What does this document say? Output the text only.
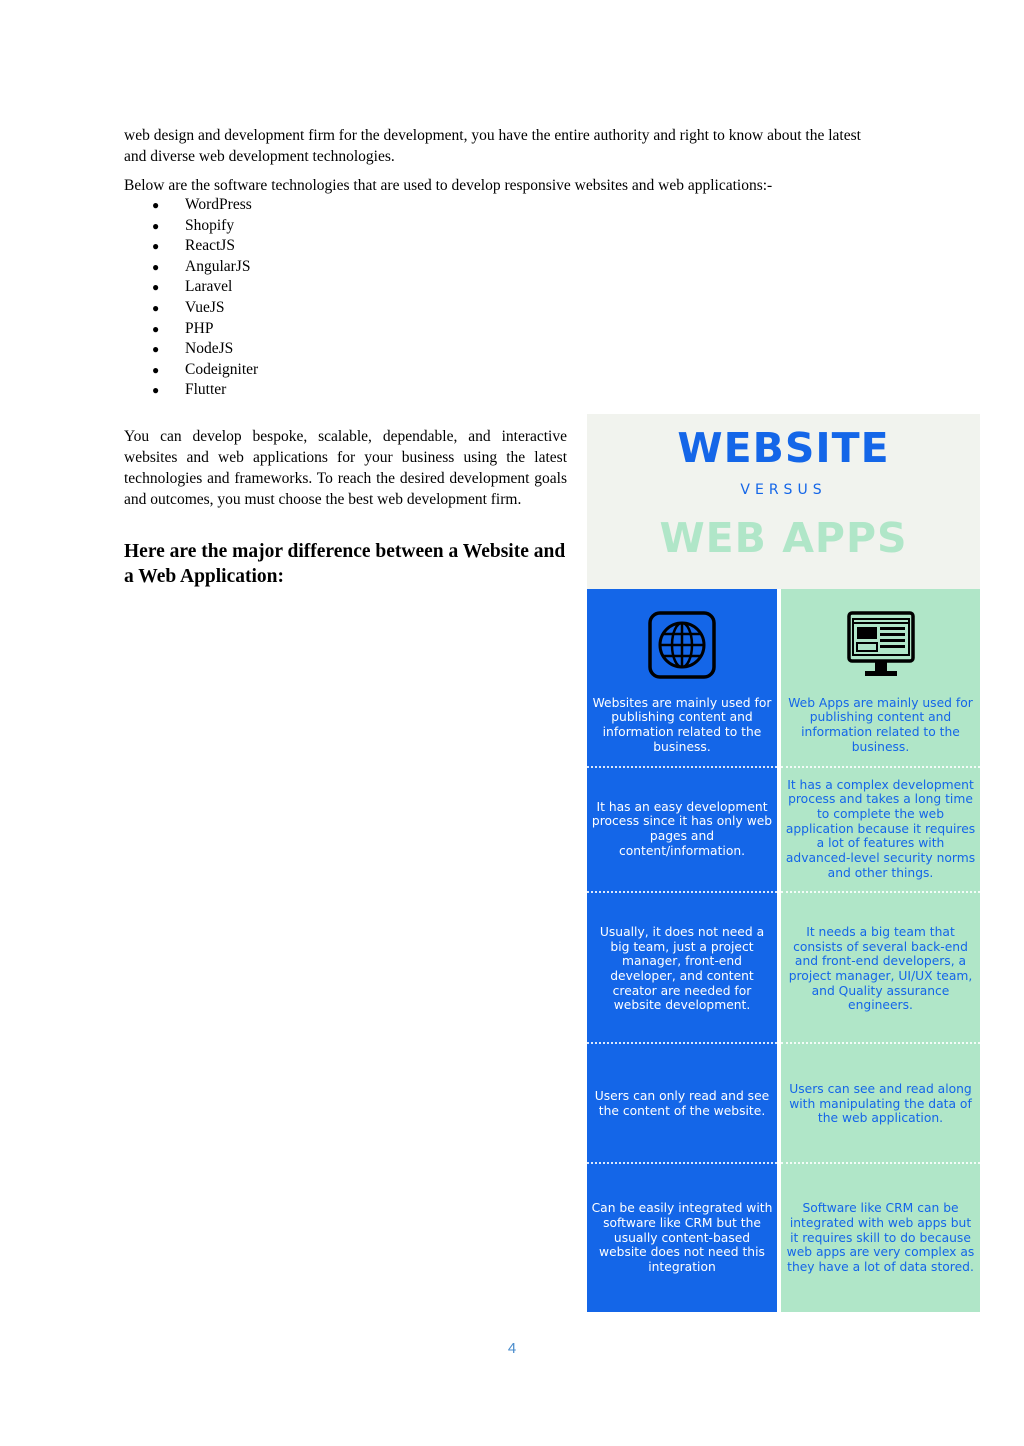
web design and development firm for the development, you have the entire authority and right to know about the latest and diverse web development technologies.
Below are the software technologies that are used to develop responsive websites and web applications:-
● WordPress
● Shopify
● ReactJS
● AngularJS
● Laravel
● VueJS
● PHP
● NodeJS
● Codeigniter
● Flutter
You can develop bespoke, scalable, dependable, and interactive websites and web applications for your business using the latest technologies and frameworks. To reach the desired development goals and outcomes, you must choose the best web development firm.
Here are the major difference between a Website and a Web Application:
WEBSITE
VERSUS
WEB APPS
Websites are mainly used for publishing content and information related to the business.
It has an easy development process since it has only web pages and content/information.
Usually, it does not need a big team, just a project manager, front-end developer, and content creator are needed for website development.
Users can only read and see the content of the website.
Can be easily integrated with software like CRM but the usually content-based website does not need this integration
Web Apps are mainly used for publishing content and information related to the business.
It has a complex development process and takes a long time to complete the web application because it requires a lot of features with advanced-level security norms and other things.
It needs a big team that consists of several back-end and front-end developers, a project manager, UI/UX team, and Quality assurance engineers.
Users can see and read along with manipulating the data of the web application.
Software like CRM can be integrated with web apps but it requires skill to do because web apps are very complex as they have a lot of data stored.
4
